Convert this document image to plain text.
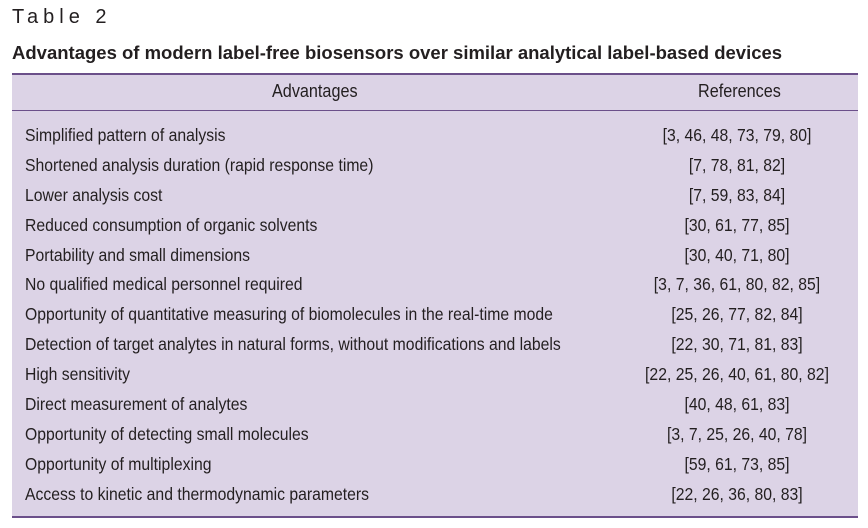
Table 2
Advantages of modern label-free biosensors over similar analytical label-based devices
Advantages	References
Simplified pattern of analysis	[3, 46, 48, 73, 79, 80]
Shortened analysis duration (rapid response time)	[7, 78, 81, 82]
Lower analysis cost	[7, 59, 83, 84]
Reduced consumption of organic solvents	[30, 61, 77, 85]
Portability and small dimensions	[30, 40, 71, 80]
No qualified medical personnel required	[3, 7, 36, 61, 80, 82, 85]
Opportunity of quantitative measuring of biomolecules in the real-time mode	[25, 26, 77, 82, 84]
Detection of target analytes in natural forms, without modifications and labels	[22, 30, 71, 81, 83]
High sensitivity	[22, 25, 26, 40, 61, 80, 82]
Direct measurement of analytes	[40, 48, 61, 83]
Opportunity of detecting small molecules	[3, 7, 25, 26, 40, 78]
Opportunity of multiplexing	[59, 61, 73, 85]
Access to kinetic and thermodynamic parameters	[22, 26, 36, 80, 83]
